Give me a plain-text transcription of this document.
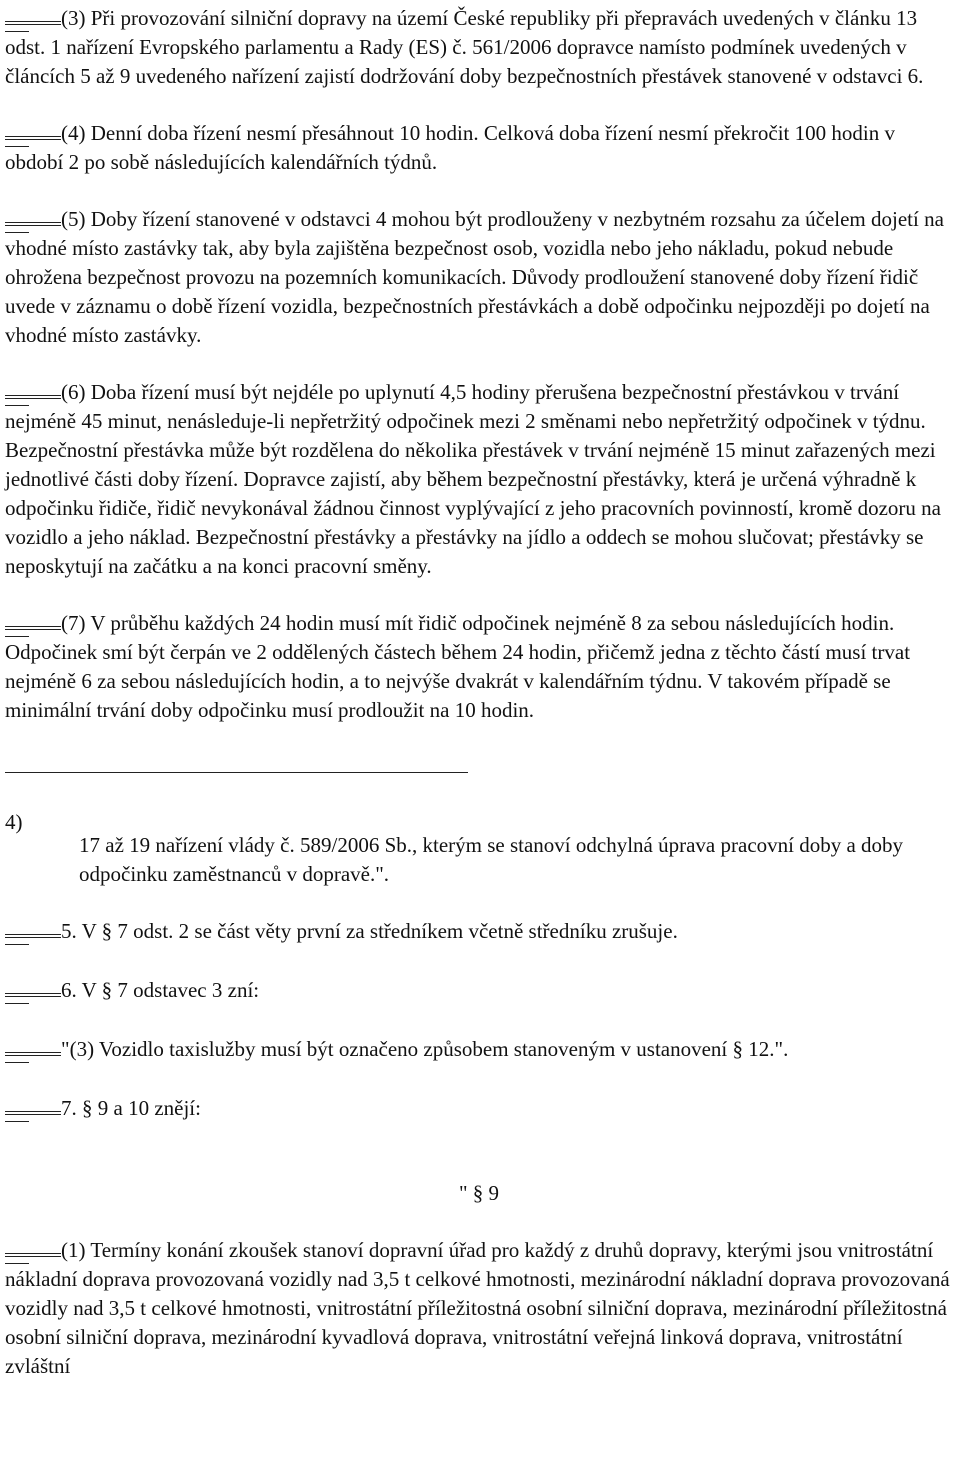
(3) Při provozování silniční dopravy na území České republiky při přepravách uvedených v článku 13 odst. 1 nařízení Evropského parlamentu a Rady (ES) č. 561/2006 dopravce namísto podmínek uvedených v článcích 5 až 9 uvedeného nařízení zajistí dodržování doby bezpečnostních přestávek stanovené v odstavci 6.

(4) Denní doba řízení nesmí přesáhnout 10 hodin. Celková doba řízení nesmí překročit 100 hodin v období 2 po sobě následujících kalendářních týdnů.

(5) Doby řízení stanovené v odstavci 4 mohou být prodlouženy v nezbytném rozsahu za účelem dojetí na vhodné místo zastávky tak, aby byla zajištěna bezpečnost osob, vozidla nebo jeho nákladu, pokud nebude ohrožena bezpečnost provozu na pozemních komunikacích. Důvody prodloužení stanovené doby řízení řidič uvede v záznamu o době řízení vozidla, bezpečnostních přestávkách a době odpočinku nejpozději po dojetí na vhodné místo zastávky.

(6) Doba řízení musí být nejdéle po uplynutí 4,5 hodiny přerušena bezpečnostní přestávkou v trvání nejméně 45 minut, nenásleduje-li nepřetržitý odpočinek mezi 2 směnami nebo nepřetržitý odpočinek v týdnu. Bezpečnostní přestávka může být rozdělena do několika přestávek v trvání nejméně 15 minut zařazených mezi jednotlivé části doby řízení. Dopravce zajistí, aby během bezpečnostní přestávky, která je určená výhradně k odpočinku řidiče, řidič nevykonával žádnou činnost vyplývající z jeho pracovních povinností, kromě dozoru na vozidlo a jeho náklad. Bezpečnostní přestávky a přestávky na jídlo a oddech se mohou slučovat; přestávky se neposkytují na začátku a na konci pracovní směny.

(7) V průběhu každých 24 hodin musí mít řidič odpočinek nejméně 8 za sebou následujících hodin. Odpočinek smí být čerpán ve 2 oddělených částech během 24 hodin, přičemž jedna z těchto částí musí trvat nejméně 6 za sebou následujících hodin, a to nejvýše dvakrát v kalendářním týdnu. V takovém případě se minimální trvání doby odpočinku musí prodloužit na 10 hodin.

4)

17 až 19 nařízení vlády č. 589/2006 Sb., kterým se stanoví odchylná úprava pracovní doby a doby odpočinku zaměstnanců v dopravě.".

5. V § 7 odst. 2 se část věty první za středníkem včetně středníku zrušuje.

6. V § 7 odstavec 3 zní:

"(3) Vozidlo taxislužby musí být označeno způsobem stanoveným v ustanovení § 12.".

7. § 9 a 10 znějí:

" § 9

(1) Termíny konání zkoušek stanoví dopravní úřad pro každý z druhů dopravy, kterými jsou vnitrostátní nákladní doprava provozovaná vozidly nad 3,5 t celkové hmotnosti, mezinárodní nákladní doprava provozovaná vozidly nad 3,5 t celkové hmotnosti, vnitrostátní příležitostná osobní silniční doprava, mezinárodní příležitostná osobní silniční doprava, mezinárodní kyvadlová doprava, vnitrostátní veřejná linková doprava, vnitrostátní zvláštní
